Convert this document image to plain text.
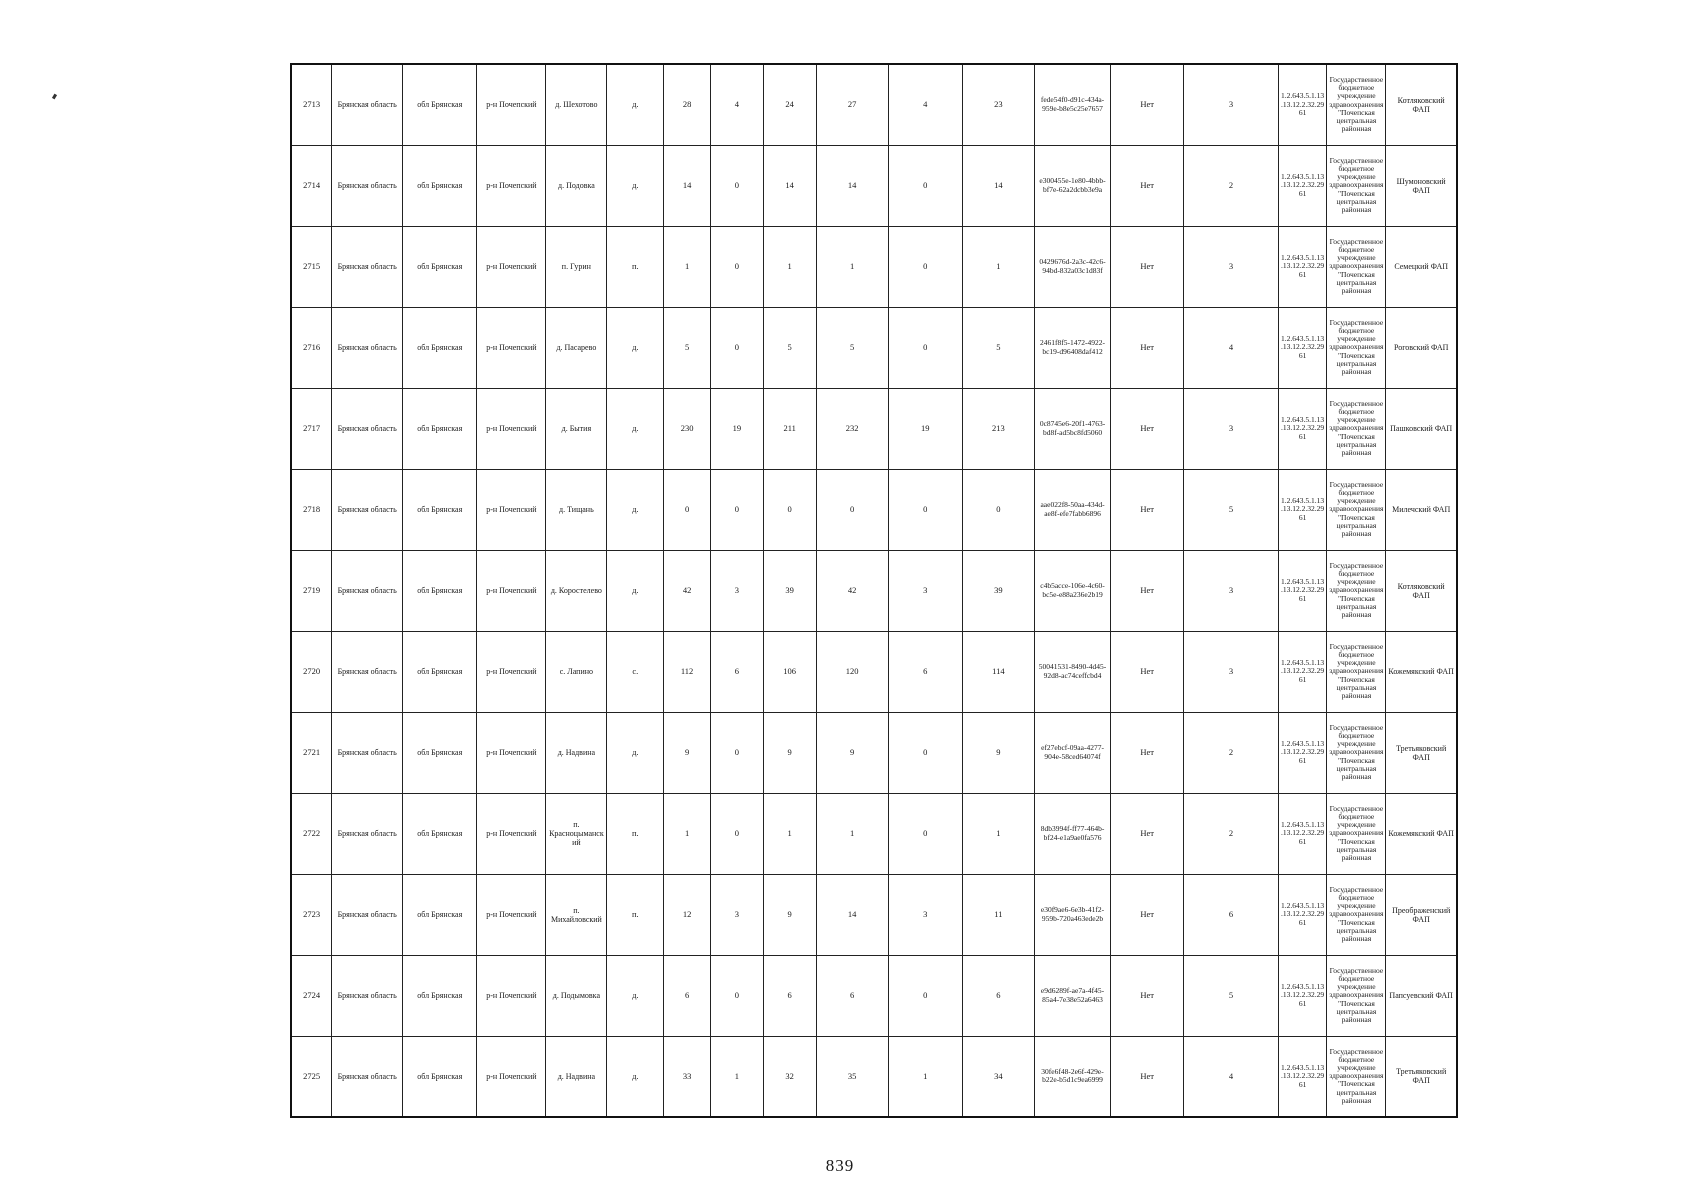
2713	Брянская область	обл Брянская	р-н Почепский	д. Шехотово	д.	28	4	24	27	4	23	fede54f0-d91c-434a-959e-b8e5c25e7657	Нет	3	1.2.643.5.1.13.13.12.2.32.2961	Государственное бюджетное учреждение здравоохранения "Почепская центральная районная	Котляковский ФАП
2714	Брянская область	обл Брянская	р-н Почепский	д. Подовка	д.	14	0	14	14	0	14	e300455e-1e80-4bbb-bf7e-62a2dcbb3e9a	Нет	2	1.2.643.5.1.13.13.12.2.32.2961	Государственное бюджетное учреждение здравоохранения "Почепская центральная районная	Шумоновский ФАП
2715	Брянская область	обл Брянская	р-н Почепский	п. Гурин	п.	1	0	1	1	0	1	0429676d-2a3c-42c6-94bd-832a03c1d83f	Нет	3	1.2.643.5.1.13.13.12.2.32.2961	Государственное бюджетное учреждение здравоохранения "Почепская центральная районная	Семецкий ФАП
2716	Брянская область	обл Брянская	р-н Почепский	д. Пасарево	д.	5	0	5	5	0	5	2461f8f5-1472-4922-bc19-d96408daf412	Нет	4	1.2.643.5.1.13.13.12.2.32.2961	Государственное бюджетное учреждение здравоохранения "Почепская центральная районная	Роговский ФАП
2717	Брянская область	обл Брянская	р-н Почепский	д. Бытия	д.	230	19	211	232	19	213	0c8745e6-20f1-4763-bd8f-ad5bc8fd5060	Нет	3	1.2.643.5.1.13.13.12.2.32.2961	Государственное бюджетное учреждение здравоохранения "Почепская центральная районная	Пашковский ФАП
2718	Брянская область	обл Брянская	р-н Почепский	д. Тищань	д.	0	0	0	0	0	0	aae022f8-50aa-434d-ae8f-efe7fabb6896	Нет	5	1.2.643.5.1.13.13.12.2.32.2961	Государственное бюджетное учреждение здравоохранения "Почепская центральная районная	Милечский ФАП
2719	Брянская область	обл Брянская	р-н Почепский	д. Коростелево	д.	42	3	39	42	3	39	c4b5acce-106e-4c60-bc5e-e88a236e2b19	Нет	3	1.2.643.5.1.13.13.12.2.32.2961	Государственное бюджетное учреждение здравоохранения "Почепская центральная районная	Котляковский ФАП
2720	Брянская область	обл Брянская	р-н Почепский	с. Лапино	с.	112	6	106	120	6	114	50041531-8490-4d45-92d8-ac74ceffcbd4	Нет	3	1.2.643.5.1.13.13.12.2.32.2961	Государственное бюджетное учреждение здравоохранения "Почепская центральная районная	Кожемякский ФАП
2721	Брянская область	обл Брянская	р-н Почепский	д. Надвина	д.	9	0	9	9	0	9	ef27ebcf-09aa-4277-904e-58ced64074f	Нет	2	1.2.643.5.1.13.13.12.2.32.2961	Государственное бюджетное учреждение здравоохранения "Почепская центральная районная	Третьяковский ФАП
2722	Брянская область	обл Брянская	р-н Почепский	п. Красноцыманский	п.	1	0	1	1	0	1	8db3994f-ff77-464b-bf24-e1a9ae0fa576	Нет	2	1.2.643.5.1.13.13.12.2.32.2961	Государственное бюджетное учреждение здравоохранения "Почепская центральная районная	Кожемякский ФАП
2723	Брянская область	обл Брянская	р-н Почепский	п. Михайловский	п.	12	3	9	14	3	11	e30f9ae6-6e3b-41f2-959b-720a463ede2b	Нет	6	1.2.643.5.1.13.13.12.2.32.2961	Государственное бюджетное учреждение здравоохранения "Почепская центральная районная	Преображенский ФАП
2724	Брянская область	обл Брянская	р-н Почепский	д. Подымовка	д.	6	0	6	6	0	6	e9d6289f-ae7a-4f45-85a4-7e38e52a6463	Нет	5	1.2.643.5.1.13.13.12.2.32.2961	Государственное бюджетное учреждение здравоохранения "Почепская центральная районная	Папсуевский ФАП
2725	Брянская область	обл Брянская	р-н Почепский	д. Надвина	д.	33	1	32	35	1	34	30fe6f48-2e6f-429e-b22e-b5d1c9ea6999	Нет	4	1.2.643.5.1.13.13.12.2.32.2961	Государственное бюджетное учреждение здравоохранения "Почепская центральная районная	Третьяковский ФАП
839
